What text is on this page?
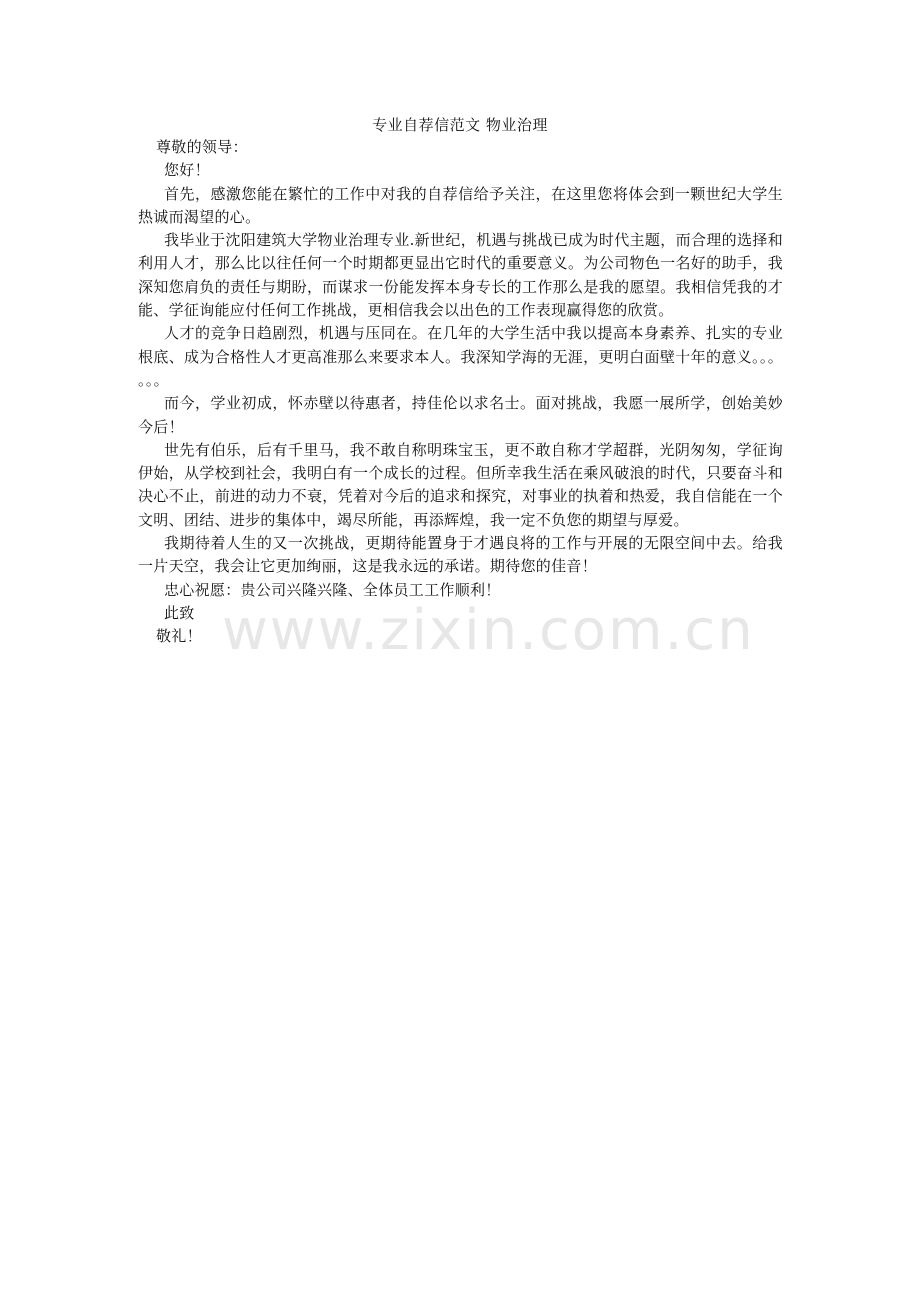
专业自荐信范文 物业治理

尊敬的领导：

您好！

首先，感激您能在繁忙的工作中对我的自荐信给予关注，在这里您将体会到一颗世纪大学生热诚而渴望的心。

我毕业于沈阳建筑大学物业治理专业.新世纪，机遇与挑战已成为时代主题，而合理的选择和利用人才，那么比以往任何一个时期都更显出它时代的重要意义。为公司物色一名好的助手，我深知您肩负的责任与期盼，而谋求一份能发挥本身专长的工作那么是我的愿望。我相信凭我的才能、学征询能应付任何工作挑战，更相信我会以出色的工作表现赢得您的欣赏。

人才的竞争日趋剧烈，机遇与压同在。在几年的大学生活中我以提高本身素养、扎实的专业根底、成为合格性人才更高准那么来要求本人。我深知学海的无涯，更明白面壁十年的意义。。。 。。。

而今，学业初成，怀赤壁以待惠者，持佳伦以求名士。面对挑战，我愿一展所学，创始美妙今后！

世先有伯乐，后有千里马，我不敢自称明珠宝玉，更不敢自称才学超群，光阴匆匆，学征询伊始，从学校到社会，我明白有一个成长的过程。但所幸我生活在乘风破浪的时代，只要奋斗和决心不止，前进的动力不衰，凭着对今后的追求和探究，对事业的执着和热爱，我自信能在一个文明、团结、进步的集体中，竭尽所能，再添辉煌，我一定不负您的期望与厚爱。

我期待着人生的又一次挑战，更期待能置身于才遇良将的工作与开展的无限空间中去。给我一片天空，我会让它更加绚丽，这是我永远的承诺。期待您的佳音！

忠心祝愿：贵公司兴隆兴隆、全体员工工作顺利！

此致

敬礼！ www.zixin.com.cn
